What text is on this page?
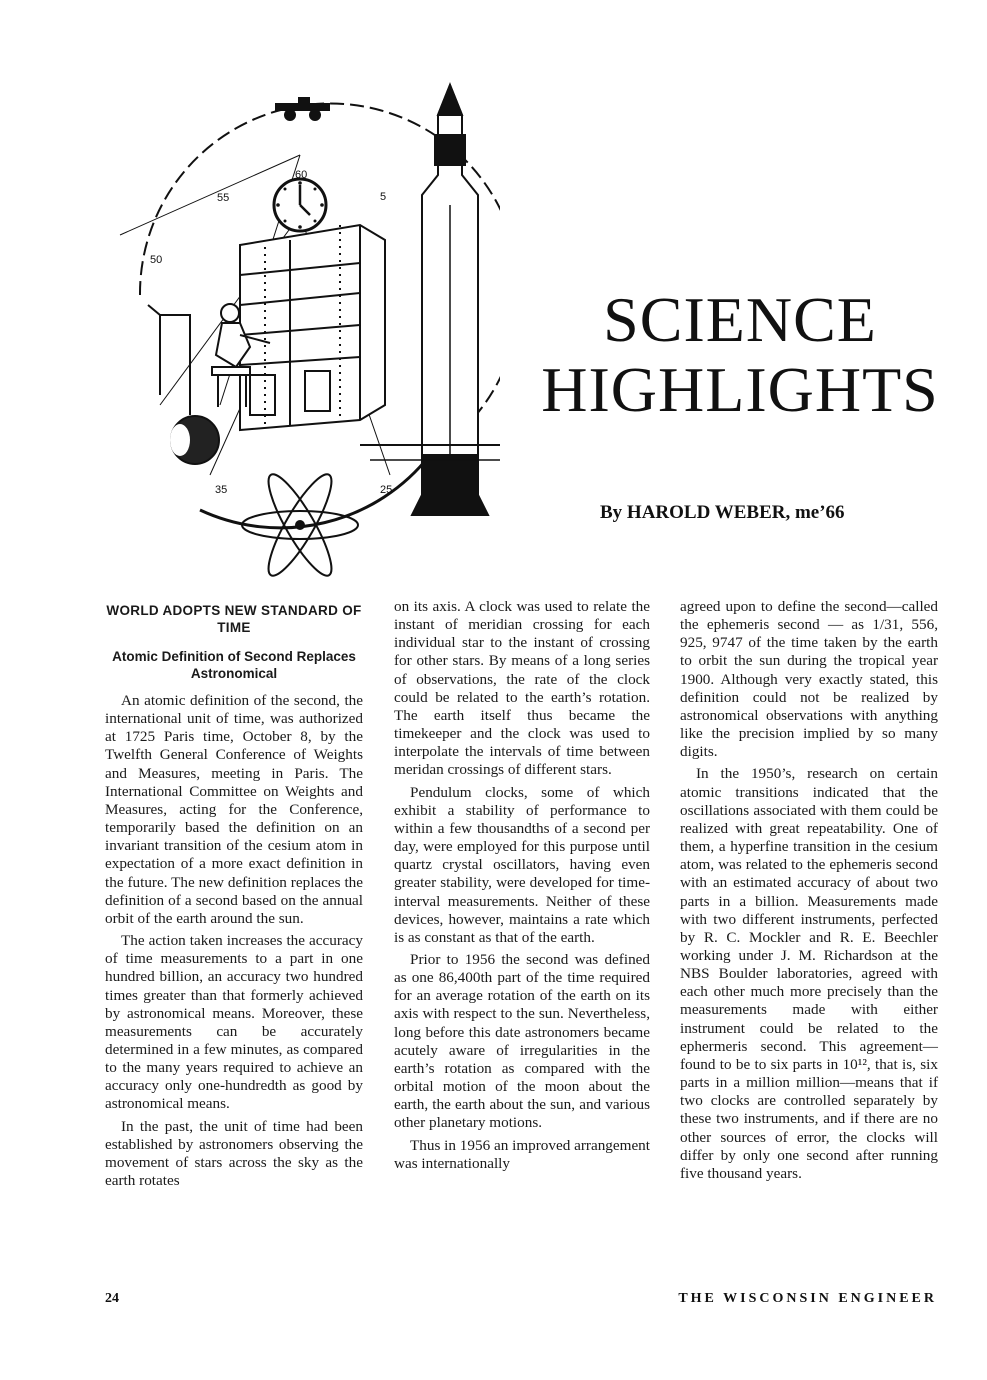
60
5
55
50
35	25
SCIENCE
HIGHLIGHTS
By HAROLD WEBER, me’66
WORLD ADOPTS NEW STANDARD OF TIME
Atomic Definition of Second Replaces Astronomical

An atomic definition of the second, the international unit of time, was authorized at 1725 Paris time, October 8, by the Twelfth General Conference of Weights and Measures, meeting in Paris. The International Committee on Weights and Measures, acting for the Conference, temporarily based the definition on an invariant transition of the cesium atom in expectation of a more exact definition in the future. The new definition replaces the definition of a second based on the annual orbit of the earth around the sun.

The action taken increases the accuracy of time measurements to a part in one hundred billion, an accuracy two hundred times greater than that formerly achieved by astronomical means. Moreover, these measurements can be accurately determined in a few minutes, as compared to the many years required to achieve an accuracy only one-hundredth as good by astronomical means.

In the past, the unit of time had been established by astronomers observing the movement of stars across the sky as the earth rotates

on its axis. A clock was used to relate the instant of meridian crossing for each individual star to the instant of crossing for other stars. By means of a long series of observations, the rate of the clock could be related to the earth’s rotation. The earth itself thus became the timekeeper and the clock was used to interpolate the intervals of time between meridan crossings of different stars.

Pendulum clocks, some of which exhibit a stability of performance to within a few thousandths of a second per day, were employed for this purpose until quartz crystal oscillators, having even greater stability, were developed for time-interval measurements. Neither of these devices, however, maintains a rate which is as constant as that of the earth.

Prior to 1956 the second was defined as one 86,400th part of the time required for an average rotation of the earth on its axis with respect to the sun. Nevertheless, long before this date astronomers became acutely aware of irregularities in the earth’s rotation as compared with the orbital motion of the moon about the earth, the earth about the sun, and various other planetary motions.

Thus in 1956 an improved arrangement was internationally

agreed upon to define the second—called the ephemeris second — as 1/31, 556, 925, 9747 of the time taken by the earth to orbit the sun during the tropical year 1900. Although very exactly stated, this definition could not be realized by astronomical observations with anything like the precision implied by so many digits.

In the 1950’s, research on certain atomic transitions indicated that the oscillations associated with them could be realized with great repeatability. One of them, a hyperfine transition in the cesium atom, was related to the ephemeris second with an estimated accuracy of about two parts in a billion. Measurements made with two different instruments, perfected by R. C. Mockler and R. E. Beechler working under J. M. Richardson at the NBS Boulder laboratories, agreed with each other much more precisely than the measurements made with either instrument could be related to the ephermeris second. This agreement—found to be to six parts in 10¹², that is, six parts in a million million—means that if two clocks are controlled separately by these two instruments, and if there are no other sources of error, the clocks will differ by only one second after running five thousand years.

24	THE WISCONSIN ENGINEER
